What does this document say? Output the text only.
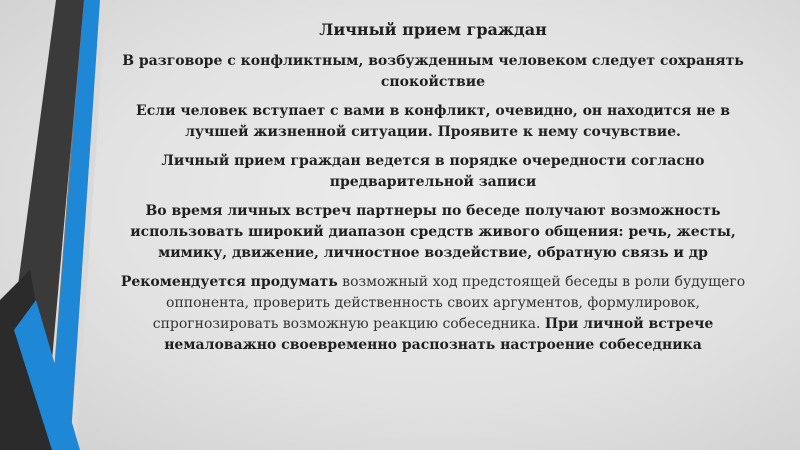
Личный прием граждан

В разговоре с конфликтным, возбужденным человеком следует сохранять спокойствие

Если человек вступает с вами в конфликт, очевидно, он находится не в лучшей жизненной ситуации. Проявите к нему сочувствие.

Личный прием граждан ведется в порядке очередности согласно предварительной записи

Во время личных встреч партнеры по беседе получают возможность использовать широкий диапазон средств живого общения: речь, жесты, мимику, движение, личностное воздействие, обратную связь и др

Рекомендуется продумать возможный ход предстоящей беседы в роли будущего оппонента, проверить действенность своих аргументов, формулировок, спрогнозировать возможную реакцию собеседника. При личной встрече немаловажно своевременно распознать настроение собеседника
